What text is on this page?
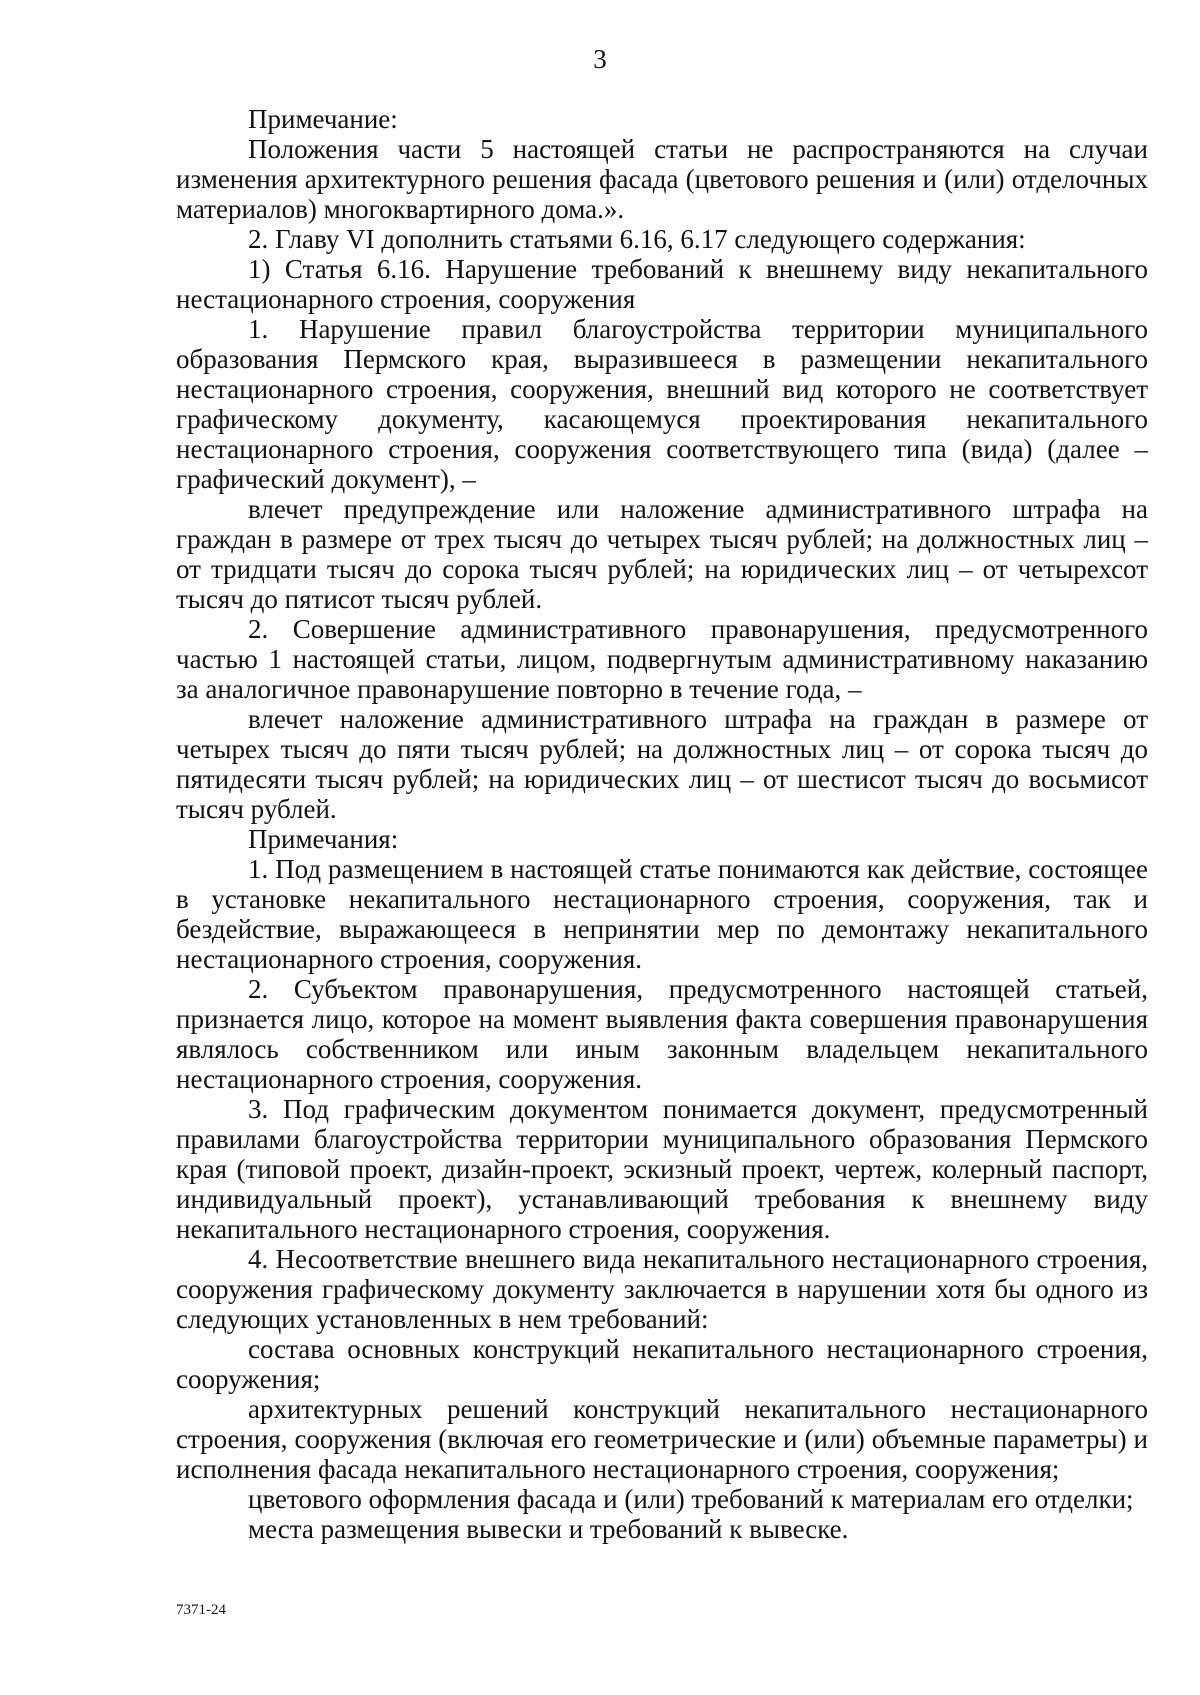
3

Примечание:

Положения части 5 настоящей статьи не распространяются на случаи изменения архитектурного решения фасада (цветового решения и (или) отделочных материалов) многоквартирного дома.».

2. Главу VI дополнить статьями 6.16, 6.17 следующего содержания:

1) Статья 6.16. Нарушение требований к внешнему виду некапитального нестационарного строения, сооружения

1. Нарушение правил благоустройства территории муниципального образования Пермского края, выразившееся в размещении некапитального нестационарного строения, сооружения, внешний вид которого не соответствует графическому документу, касающемуся проектирования некапитального нестационарного строения, сооружения соответствующего типа (вида) (далее – графический документ), –

влечет предупреждение или наложение административного штрафа на граждан в размере от трех тысяч до четырех тысяч рублей; на должностных лиц – от тридцати тысяч до сорока тысяч рублей; на юридических лиц – от четырехсот тысяч до пятисот тысяч рублей.

2. Совершение административного правонарушения, предусмотренного частью 1 настоящей статьи, лицом, подвергнутым административному наказанию за аналогичное правонарушение повторно в течение года, –

влечет наложение административного штрафа на граждан в размере от четырех тысяч до пяти тысяч рублей; на должностных лиц – от сорока тысяч до пятидесяти тысяч рублей; на юридических лиц – от шестисот тысяч до восьмисот тысяч рублей.

Примечания:

1. Под размещением в настоящей статье понимаются как действие, состоящее в установке некапитального нестационарного строения, сооружения, так и бездействие, выражающееся в непринятии мер по демонтажу некапитального нестационарного строения, сооружения.

2. Субъектом правонарушения, предусмотренного настоящей статьей, признается лицо, которое на момент выявления факта совершения правонарушения являлось собственником или иным законным владельцем некапитального нестационарного строения, сооружения.

3. Под графическим документом понимается документ, предусмотренный правилами благоустройства территории муниципального образования Пермского края (типовой проект, дизайн-проект, эскизный проект, чертеж, колерный паспорт, индивидуальный проект), устанавливающий требования к внешнему виду некапитального нестационарного строения, сооружения.

4. Несоответствие внешнего вида некапитального нестационарного строения, сооружения графическому документу заключается в нарушении хотя бы одного из следующих установленных в нем требований:

состава основных конструкций некапитального нестационарного строения, сооружения;

архитектурных решений конструкций некапитального нестационарного строения, сооружения (включая его геометрические и (или) объемные параметры) и исполнения фасада некапитального нестационарного строения, сооружения;

цветового оформления фасада и (или) требований к материалам его отделки;

места размещения вывески и требований к вывеске.

7371-24
